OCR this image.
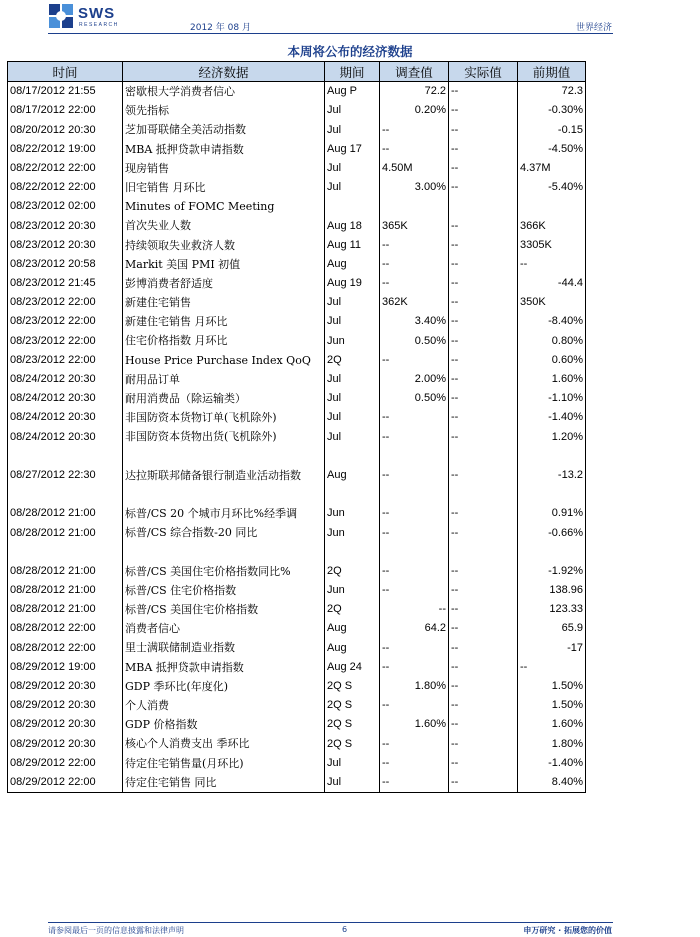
SWS
RESEARCH	2012 年 08 月	世界经济
本周将公布的经济数据
时间	经济数据	期间	调查值	实际值	前期值
08/17/2012 21:55	密歇根大学消费者信心	Aug P	72.2	--	72.3
08/17/2012 22:00	领先指标	Jul	0.20%	--	-0.30%
08/20/2012 20:30	芝加哥联储全美活动指数	Jul	--	--	-0.15
08/22/2012 19:00	MBA 抵押贷款申请指数	Aug 17	--	--	-4.50%
08/22/2012 22:00	现房销售	Jul	4.50M	--	4.37M
08/22/2012 22:00	旧宅销售 月环比	Jul	3.00%	--	-5.40%
08/23/2012 02:00	Minutes of FOMC Meeting				
08/23/2012 20:30	首次失业人数	Aug 18	365K	--	366K
08/23/2012 20:30	持续领取失业救济人数	Aug 11	--	--	3305K
08/23/2012 20:58	Markit 美国 PMI 初值	Aug	--	--	--
08/23/2012 21:45	彭博消费者舒适度	Aug 19	--	--	-44.4
08/23/2012 22:00	新建住宅销售	Jul	362K	--	350K
08/23/2012 22:00	新建住宅销售 月环比	Jul	3.40%	--	-8.40%
08/23/2012 22:00	住宅价格指数 月环比	Jun	0.50%	--	0.80%
08/23/2012 22:00	House Price Purchase Index QoQ	2Q	--	--	0.60%
08/24/2012 20:30	耐用品订单	Jul	2.00%	--	1.60%
08/24/2012 20:30	耐用消费品（除运输类）	Jul	0.50%	--	-1.10%
08/24/2012 20:30	非国防资本货物订单(飞机除外)	Jul	--	--	-1.40%
08/24/2012 20:30	非国防资本货物出货(飞机除外)	Jul	--	--	1.20%
08/27/2012 22:30	达拉斯联邦储备银行制造业活动指数	Aug	--	--	-13.2
08/28/2012 21:00	标普/CS 20 个城市月环比%经季调	Jun	--	--	0.91%
08/28/2012 21:00	标普/CS 综合指数-20 同比	Jun	--	--	-0.66%
08/28/2012 21:00	标普/CS 美国住宅价格指数同比%	2Q	--	--	-1.92%
08/28/2012 21:00	标普/CS 住宅价格指数	Jun	--	--	138.96
08/28/2012 21:00	标普/CS 美国住宅价格指数	2Q	--	--	123.33
08/28/2012 22:00	消费者信心	Aug	64.2	--	65.9
08/28/2012 22:00	里士满联储制造业指数	Aug	--	--	-17
08/29/2012 19:00	MBA 抵押贷款申请指数	Aug 24	--	--	--
08/29/2012 20:30	GDP 季环比(年度化)	2Q S	1.80%	--	1.50%
08/29/2012 20:30	个人消费	2Q S	--	--	1.50%
08/29/2012 20:30	GDP 价格指数	2Q S	1.60%	--	1.60%
08/29/2012 20:30	核心个人消费支出 季环比	2Q S	--	--	1.80%
08/29/2012 22:00	待定住宅销售量(月环比)	Jul	--	--	-1.40%
08/29/2012 22:00	待定住宅销售 同比	Jul	--	--	8.40%
请参阅最后一页的信息披露和法律声明	6	申万研究 · 拓展您的价值
